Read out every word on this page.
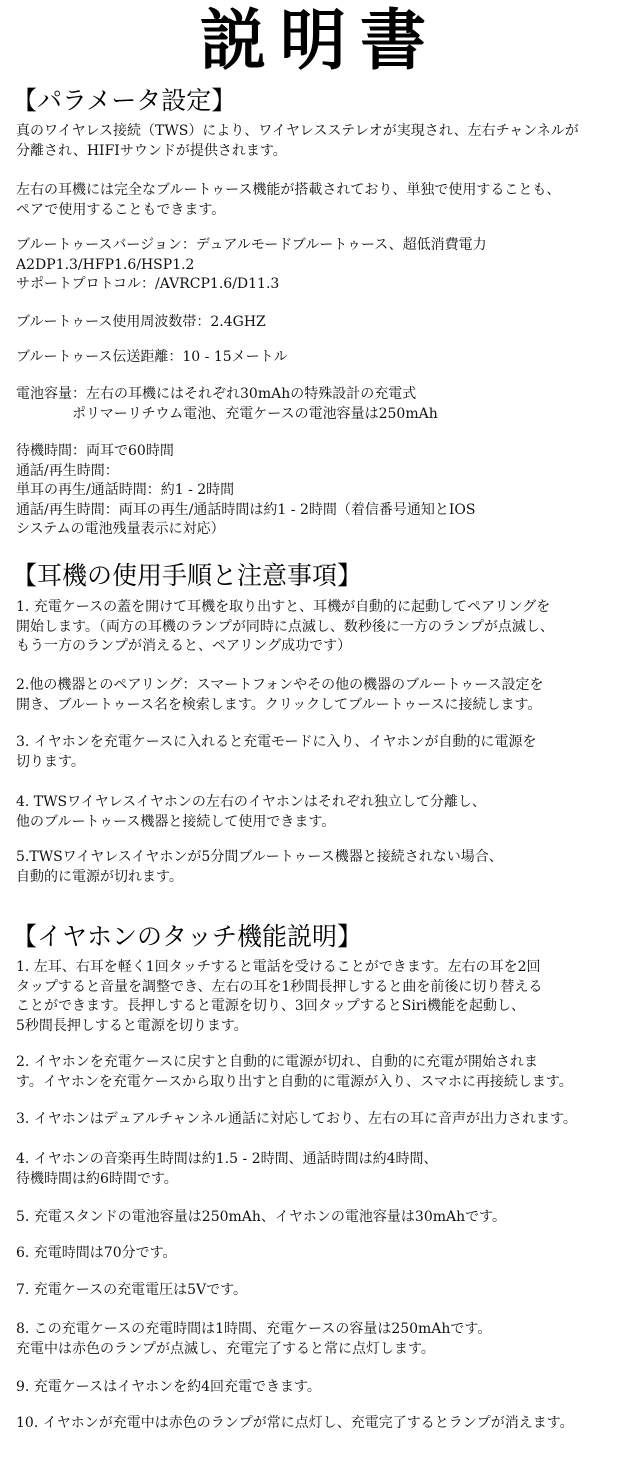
説明書
【パラメータ設定】
真のワイヤレス接続（TWS）により、ワイヤレスステレオが実現され、左右チャンネルが
分離され、HIFIサウンドが提供されます。
左右の耳機には完全なブルートゥース機能が搭載されており、単独で使用することも、
ペアで使用することもできます。
ブルートゥースバージョン：デュアルモードブルートゥース、超低消費電力
A2DP1.3/HFP1.6/HSP1.2
サポートプロトコル：/AVRCP1.6/D11.3
ブルートゥース使用周波数帯：2.4GHZ
ブルートゥース伝送距離：10 - 15メートル
電池容量：左右の耳機にはそれぞれ30mAhの特殊設計の充電式
　　　　ポリマーリチウム電池、充電ケースの電池容量は250mAh
待機時間：両耳で60時間
通話/再生時間：
単耳の再生/通話時間：約1 - 2時間
通話/再生時間：両耳の再生/通話時間は約1 - 2時間（着信番号通知とIOS
システムの電池残量表示に対応）
【耳機の使用手順と注意事項】
1. 充電ケースの蓋を開けて耳機を取り出すと、耳機が自動的に起動してペアリングを
開始します。（両方の耳機のランプが同時に点滅し、数秒後に一方のランプが点滅し、
もう一方のランプが消えると、ペアリング成功です）
2.他の機器とのペアリング：スマートフォンやその他の機器のブルートゥース設定を
開き、ブルートゥース名を検索します。クリックしてブルートゥースに接続します。
3. イヤホンを充電ケースに入れると充電モードに入り、イヤホンが自動的に電源を
切ります。
4. TWSワイヤレスイヤホンの左右のイヤホンはそれぞれ独立して分離し、
他のブルートゥース機器と接続して使用できます。
5.TWSワイヤレスイヤホンが5分間ブルートゥース機器と接続されない場合、
自動的に電源が切れます。
【イヤホンのタッチ機能説明】
1. 左耳、右耳を軽く1回タッチすると電話を受けることができます。左右の耳を2回
タップすると音量を調整でき、左右の耳を1秒間長押しすると曲を前後に切り替える
ことができます。長押しすると電源を切り、3回タップするとSiri機能を起動し、
5秒間長押しすると電源を切ります。
2. イヤホンを充電ケースに戻すと自動的に電源が切れ、自動的に充電が開始されま
す。イヤホンを充電ケースから取り出すと自動的に電源が入り、スマホに再接続します。
3. イヤホンはデュアルチャンネル通話に対応しており、左右の耳に音声が出力されます。
4. イヤホンの音楽再生時間は約1.5 - 2時間、通話時間は約4時間、
待機時間は約6時間です。
5. 充電スタンドの電池容量は250mAh、イヤホンの電池容量は30mAhです。
6. 充電時間は70分です。
7. 充電ケースの充電電圧は5Vです。
8. この充電ケースの充電時間は1時間、充電ケースの容量は250mAhです。
充電中は赤色のランプが点滅し、充電完了すると常に点灯します。
9. 充電ケースはイヤホンを約4回充電できます。
10. イヤホンが充電中は赤色のランプが常に点灯し、充電完了するとランプが消えます。
